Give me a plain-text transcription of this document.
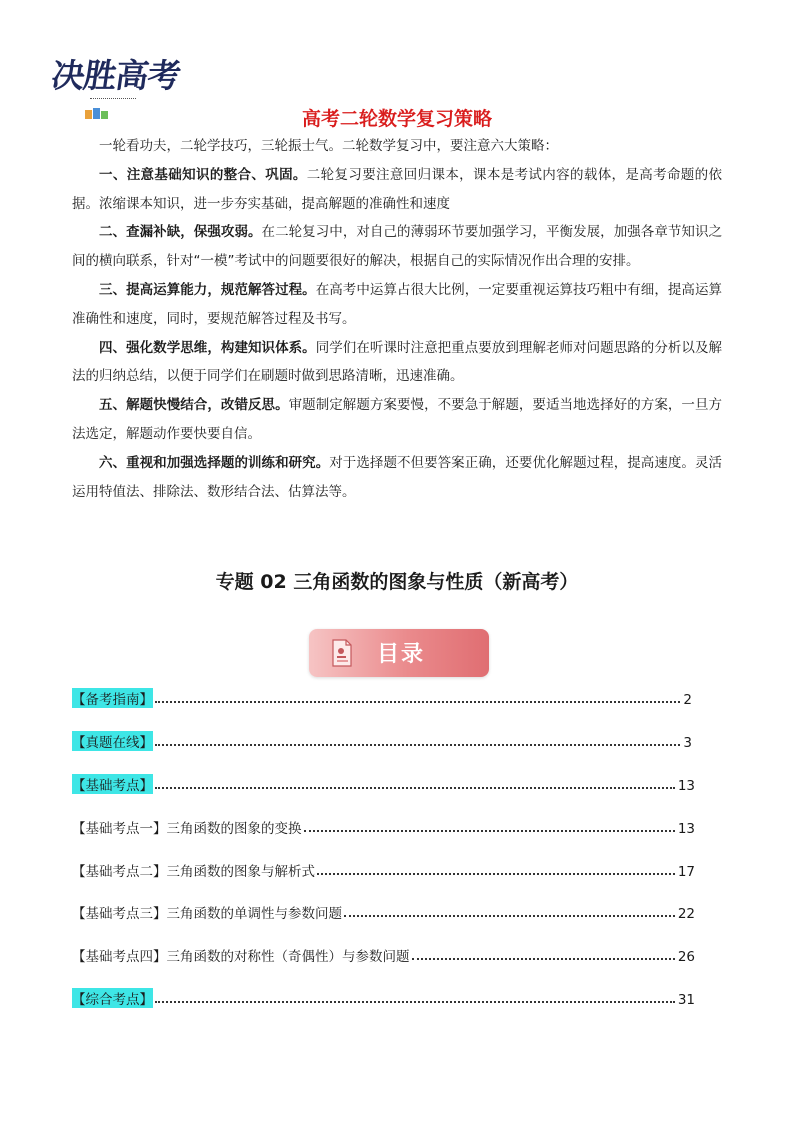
决胜高考
高考二轮数学复习策略

一轮看功夫，二轮学技巧，三轮振士气。二轮数学复习中，要注意六大策略：

一、注意基础知识的整合、巩固。二轮复习要注意回归课本，课本是考试内容的载体，是高考命题的依据。浓缩课本知识，进一步夯实基础，提高解题的准确性和速度

二、查漏补缺，保强攻弱。在二轮复习中，对自己的薄弱环节要加强学习，平衡发展，加强各章节知识之间的横向联系，针对“一模”考试中的问题要很好的解决，根据自己的实际情况作出合理的安排。

三、提高运算能力，规范解答过程。在高考中运算占很大比例，一定要重视运算技巧粗中有细，提高运算准确性和速度，同时，要规范解答过程及书写。

四、强化数学思维，构建知识体系。同学们在听课时注意把重点要放到理解老师对问题思路的分析以及解法的归纳总结，以便于同学们在刷题时做到思路清晰，迅速准确。

五、解题快慢结合，改错反思。审题制定解题方案要慢，不要急于解题，要适当地选择好的方案，一旦方法选定，解题动作要快要自信。

六、重视和加强选择题的训练和研究。对于选择题不但要答案正确，还要优化解题过程，提高速度。灵活运用特值法、排除法、数形结合法、估算法等。

专题 02 三角函数的图象与性质（新高考）
目录
【备考指南】	2
【真题在线】	3
【基础考点】	13
【基础考点一】三角函数的图象的变换	13
【基础考点二】三角函数的图象与解析式	17
【基础考点三】三角函数的单调性与参数问题	22
【基础考点四】三角函数的对称性（奇偶性）与参数问题	26
【综合考点】	31
